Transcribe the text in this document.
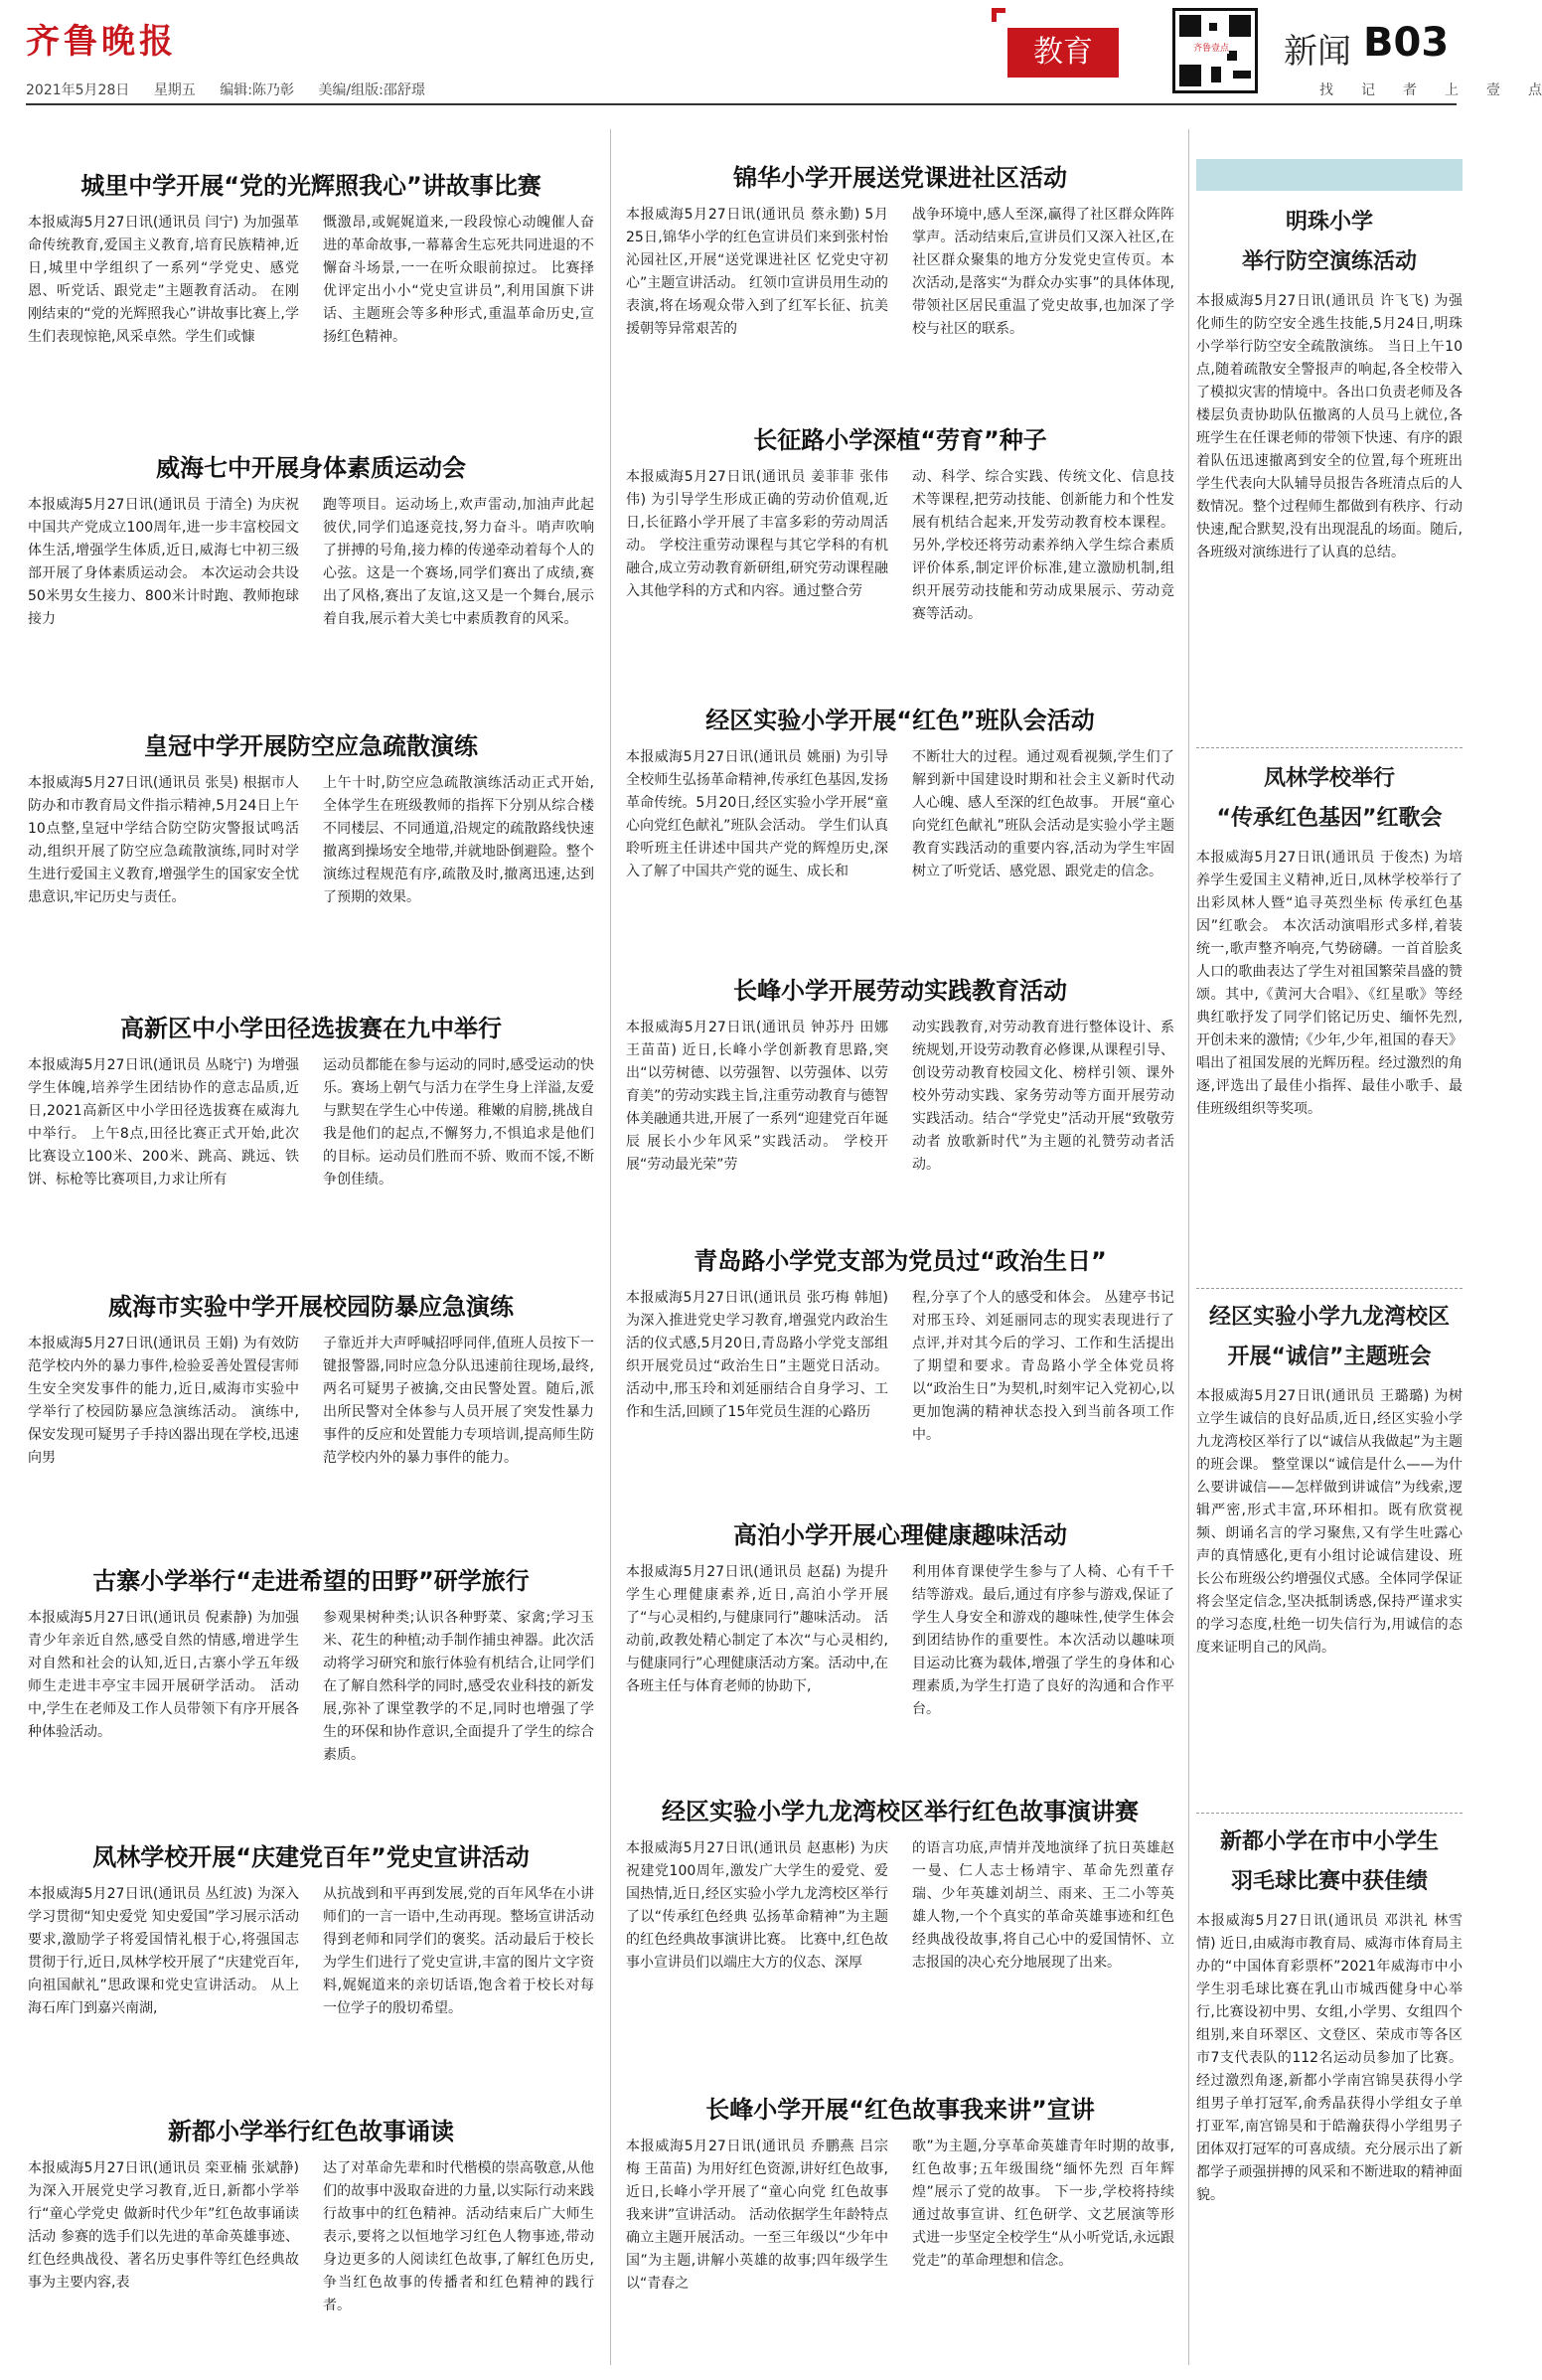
齐鲁晚报
2021年5月28日 星期五 编辑:陈乃彰 美编/组版:邵舒璟
教育	齐鲁壹点 新闻 B03
找 记 者 上 壹 点
城里中学开展“党的光辉照我心”讲故事比赛

本报威海5月27日讯(通讯员 闫宁) 为加强革命传统教育,爱国主义教育,培育民族精神,近日,城里中学组织了一系列“学党史、感党恩、听党话、跟党走”主题教育活动。 在刚刚结束的“党的光辉照我心”讲故事比赛上,学生们表现惊艳,风采卓然。学生们或慷

慨激昂,或娓娓道来,一段段惊心动魄催人奋进的革命故事,一幕幕舍生忘死共同进退的不懈奋斗场景,一一在听众眼前掠过。 比赛择优评定出小小“党史宣讲员”,利用国旗下讲话、主题班会等多种形式,重温革命历史,宣扬红色精神。

威海七中开展身体素质运动会

本报威海5月27日讯(通讯员 于清全) 为庆祝中国共产党成立100周年,进一步丰富校园文体生活,增强学生体质,近日,威海七中初三级部开展了身体素质运动会。 本次运动会共设50米男女生接力、800米计时跑、教师抱球接力

跑等项目。运动场上,欢声雷动,加油声此起彼伏,同学们追逐竞技,努力奋斗。哨声吹响了拼搏的号角,接力棒的传递牵动着每个人的心弦。这是一个赛场,同学们赛出了成绩,赛出了风格,赛出了友谊,这又是一个舞台,展示着自我,展示着大美七中素质教育的风采。

皇冠中学开展防空应急疏散演练

本报威海5月27日讯(通讯员 张昊) 根据市人防办和市教育局文件指示精神,5月24日上午10点整,皇冠中学结合防空防灾警报试鸣活动,组织开展了防空应急疏散演练,同时对学生进行爱国主义教育,增强学生的国家安全忧患意识,牢记历史与责任。

上午十时,防空应急疏散演练活动正式开始,全体学生在班级教师的指挥下分别从综合楼不同楼层、不同通道,沿规定的疏散路线快速撤离到操场安全地带,并就地卧倒避险。整个演练过程规范有序,疏散及时,撤离迅速,达到了预期的效果。

高新区中小学田径选拔赛在九中举行

本报威海5月27日讯(通讯员 丛晓宁) 为增强学生体魄,培养学生团结协作的意志品质,近日,2021高新区中小学田径选拔赛在威海九中举行。 上午8点,田径比赛正式开始,此次比赛设立100米、200米、跳高、跳远、铁饼、标枪等比赛项目,力求让所有

运动员都能在参与运动的同时,感受运动的快乐。赛场上朝气与活力在学生身上洋溢,友爱与默契在学生心中传递。稚嫩的肩膀,挑战自我是他们的起点,不懈努力,不惧追求是他们的目标。运动员们胜而不骄、败而不馁,不断争创佳绩。

威海市实验中学开展校园防暴应急演练

本报威海5月27日讯(通讯员 王娟) 为有效防范学校内外的暴力事件,检验妥善处置侵害师生安全突发事件的能力,近日,威海市实验中学举行了校园防暴应急演练活动。 演练中,保安发现可疑男子手持凶器出现在学校,迅速向男

子靠近并大声呼喊招呼同伴,值班人员按下一键报警器,同时应急分队迅速前往现场,最终,两名可疑男子被擒,交由民警处置。随后,派出所民警对全体参与人员开展了突发性暴力事件的反应和处置能力专项培训,提高师生防范学校内外的暴力事件的能力。

古寨小学举行“走进希望的田野”研学旅行

本报威海5月27日讯(通讯员 倪素静) 为加强青少年亲近自然,感受自然的情感,增进学生对自然和社会的认知,近日,古寨小学五年级师生走进丰亭宝丰园开展研学活动。 活动中,学生在老师及工作人员带领下有序开展各种体验活动。

参观果树种类;认识各种野菜、家禽;学习玉米、花生的种植;动手制作捕虫神器。此次活动将学习研究和旅行体验有机结合,让同学们在了解自然科学的同时,感受农业科技的新发展,弥补了课堂教学的不足,同时也增强了学生的环保和协作意识,全面提升了学生的综合素质。

凤林学校开展“庆建党百年”党史宣讲活动

本报威海5月27日讯(通讯员 丛红波) 为深入学习贯彻“知史爱党 知史爱国”学习展示活动要求,激励学子将爱国情礼根于心,将强国志贯彻于行,近日,凤林学校开展了“庆建党百年,向祖国献礼”思政课和党史宣讲活动。 从上海石库门到嘉兴南湖,

从抗战到和平再到发展,党的百年风华在小讲师们的一言一语中,生动再现。整场宣讲活动得到老师和同学们的褒奖。活动最后于校长为学生们进行了党史宣讲,丰富的图片文字资料,娓娓道来的亲切话语,饱含着于校长对每一位学子的殷切希望。

新都小学举行红色故事诵读

本报威海5月27日讯(通讯员 栾亚楠 张斌静) 为深入开展党史学习教育,近日,新都小学举行“童心学党史 做新时代少年”红色故事诵读活动 参赛的选手们以先进的革命英雄事迹、红色经典战役、著名历史事件等红色经典故事为主要内容,表

达了对革命先辈和时代楷模的崇高敬意,从他们的故事中汲取奋进的力量,以实际行动来践行故事中的红色精神。活动结束后广大师生表示,要将之以恒地学习红色人物事迹,带动身边更多的人阅读红色故事,了解红色历史,争当红色故事的传播者和红色精神的践行者。

锦华小学开展送党课进社区活动

本报威海5月27日讯(通讯员 蔡永勤) 5月25日,锦华小学的红色宣讲员们来到张村怡沁园社区,开展“送党课进社区 忆党史守初心”主题宣讲活动。 红领巾宣讲员用生动的表演,将在场观众带入到了红军长征、抗美援朝等异常艰苦的

战争环境中,感人至深,赢得了社区群众阵阵掌声。活动结束后,宣讲员们又深入社区,在社区群众聚集的地方分发党史宣传页。本次活动,是落实“为群众办实事”的具体体现,带领社区居民重温了党史故事,也加深了学校与社区的联系。

长征路小学深植“劳育”种子

本报威海5月27日讯(通讯员 姜菲菲 张伟伟) 为引导学生形成正确的劳动价值观,近日,长征路小学开展了丰富多彩的劳动周活动。 学校注重劳动课程与其它学科的有机融合,成立劳动教育新研组,研究劳动课程融入其他学科的方式和内容。通过整合劳

动、科学、综合实践、传统文化、信息技术等课程,把劳动技能、创新能力和个性发展有机结合起来,开发劳动教育校本课程。另外,学校还将劳动素养纳入学生综合素质评价体系,制定评价标准,建立激励机制,组织开展劳动技能和劳动成果展示、劳动竞赛等活动。

经区实验小学开展“红色”班队会活动

本报威海5月27日讯(通讯员 姚丽) 为引导全校师生弘扬革命精神,传承红色基因,发扬革命传统。5月20日,经区实验小学开展“童心向党红色献礼”班队会活动。 学生们认真聆听班主任讲述中国共产党的辉煌历史,深入了解了中国共产党的诞生、成长和

不断壮大的过程。通过观看视频,学生们了解到新中国建设时期和社会主义新时代动人心魄、感人至深的红色故事。 开展“童心向党红色献礼”班队会活动是实验小学主题教育实践活动的重要内容,活动为学生牢固树立了听党话、感党恩、跟党走的信念。

长峰小学开展劳动实践教育活动

本报威海5月27日讯(通讯员 钟苏丹 田娜 王苗苗) 近日,长峰小学创新教育思路,突出“以劳树德、以劳强智、以劳强体、以劳育美”的劳动实践主旨,注重劳动教育与德智体美融通共进,开展了一系列“迎建党百年诞辰 展长小少年风采”实践活动。 学校开展“劳动最光荣”劳

动实践教育,对劳动教育进行整体设计、系统规划,开设劳动教育必修课,从课程引导、创设劳动教育校园文化、榜样引领、课外校外劳动实践、家务劳动等方面开展劳动实践活动。结合“学党史”活动开展“致敬劳动者 放歌新时代”为主题的礼赞劳动者活动。

青岛路小学党支部为党员过“政治生日”

本报威海5月27日讯(通讯员 张巧梅 韩旭) 为深入推进党史学习教育,增强党内政治生活的仪式感,5月20日,青岛路小学党支部组织开展党员过“政治生日”主题党日活动。 活动中,邢玉玲和刘延丽结合自身学习、工作和生活,回顾了15年党员生涯的心路历

程,分享了个人的感受和体会。 丛建亭书记对邢玉玲、刘延丽同志的现实表现进行了点评,并对其今后的学习、工作和生活提出了期望和要求。青岛路小学全体党员将以“政治生日”为契机,时刻牢记入党初心,以更加饱满的精神状态投入到当前各项工作中。

高泊小学开展心理健康趣味活动

本报威海5月27日讯(通讯员 赵磊) 为提升学生心理健康素养,近日,高泊小学开展了“与心灵相约,与健康同行”趣味活动。 活动前,政教处精心制定了本次“与心灵相约,与健康同行”心理健康活动方案。活动中,在各班主任与体育老师的协助下,

利用体育课使学生参与了人椅、心有千千结等游戏。最后,通过有序参与游戏,保证了学生人身安全和游戏的趣味性,使学生体会到团结协作的重要性。本次活动以趣味项目运动比赛为载体,增强了学生的身体和心理素质,为学生打造了良好的沟通和合作平台。

经区实验小学九龙湾校区举行红色故事演讲赛

本报威海5月27日讯(通讯员 赵惠彬) 为庆祝建党100周年,激发广大学生的爱党、爱国热情,近日,经区实验小学九龙湾校区举行了以“传承红色经典 弘扬革命精神”为主题的红色经典故事演讲比赛。 比赛中,红色故事小宣讲员们以端庄大方的仪态、深厚

的语言功底,声情并茂地演绎了抗日英雄赵一曼、仁人志士杨靖宇、革命先烈董存瑞、少年英雄刘胡兰、雨来、王二小等英雄人物,一个个真实的革命英雄事迹和红色经典战役故事,将自己心中的爱国情怀、立志报国的决心充分地展现了出来。

长峰小学开展“红色故事我来讲”宣讲

本报威海5月27日讯(通讯员 乔鹏燕 吕宗梅 王苗苗) 为用好红色资源,讲好红色故事,近日,长峰小学开展了“童心向党 红色故事我来讲”宣讲活动。 活动依据学生年龄特点确立主题开展活动。一至三年级以“少年中国”为主题,讲解小英雄的故事;四年级学生以“青春之

歌”为主题,分享革命英雄青年时期的故事,红色故事;五年级围绕“缅怀先烈 百年辉煌”展示了党的故事。 下一步,学校将持续通过故事宣讲、红色研学、文艺展演等形式进一步坚定全校学生“从小听党话,永远跟党走”的革命理想和信念。

明珠小学
举行防空演练活动

本报威海5月27日讯(通讯员 许飞飞) 为强化师生的防空安全逃生技能,5月24日,明珠小学举行防空安全疏散演练。 当日上午10点,随着疏散安全警报声的响起,各全校带入了模拟灾害的情境中。各出口负责老师及各楼层负责协助队伍撤离的人员马上就位,各班学生在任课老师的带领下快速、有序的跟着队伍迅速撤离到安全的位置,每个班班出学生代表向大队辅导员报告各班清点后的人数情况。整个过程师生都做到有秩序、行动快速,配合默契,没有出现混乱的场面。随后,各班级对演练进行了认真的总结。

凤林学校举行
“传承红色基因”红歌会

本报威海5月27日讯(通讯员 于俊杰) 为培养学生爱国主义精神,近日,凤林学校举行了出彩凤林人暨“追寻英烈坐标 传承红色基因”红歌会。 本次活动演唱形式多样,着装统一,歌声整齐响亮,气势磅礴。一首首脍炙人口的歌曲表达了学生对祖国繁荣昌盛的赞颂。其中,《黄河大合唱》、《红星歌》等经典红歌抒发了同学们铭记历史、缅怀先烈,开创未来的激情;《少年,少年,祖国的春天》唱出了祖国发展的光辉历程。经过激烈的角逐,评选出了最佳小指挥、最佳小歌手、最佳班级组织等奖项。

经区实验小学九龙湾校区
开展“诚信”主题班会

本报威海5月27日讯(通讯员 王璐璐) 为树立学生诚信的良好品质,近日,经区实验小学九龙湾校区举行了以“诚信从我做起”为主题的班会课。 整堂课以“诚信是什么——为什么要讲诚信——怎样做到讲诚信”为线索,逻辑严密,形式丰富,环环相扣。既有欣赏视频、朗诵名言的学习聚焦,又有学生吐露心声的真情感化,更有小组讨论诚信建设、班长公布班级公约增强仪式感。全体同学保证将会坚定信念,坚决抵制诱惑,保持严谨求实的学习态度,杜绝一切失信行为,用诚信的态度来证明自己的风尚。

新都小学在市中小学生
羽毛球比赛中获佳绩

本报威海5月27日讯(通讯员 邓洪礼 林雪情) 近日,由威海市教育局、威海市体育局主办的“中国体育彩票杯”2021年威海市中小学生羽毛球比赛在乳山市城西健身中心举行,比赛设初中男、女组,小学男、女组四个组别,来自环翠区、文登区、荣成市等各区市7支代表队的112名运动员参加了比赛。 经过激烈角逐,新都小学南宫锦昊获得小学组男子单打冠军,俞秀晶获得小学组女子单打亚军,南宫锦昊和于皓瀚获得小学组男子团体双打冠军的可喜成绩。充分展示出了新都学子顽强拼搏的风采和不断进取的精神面貌。
